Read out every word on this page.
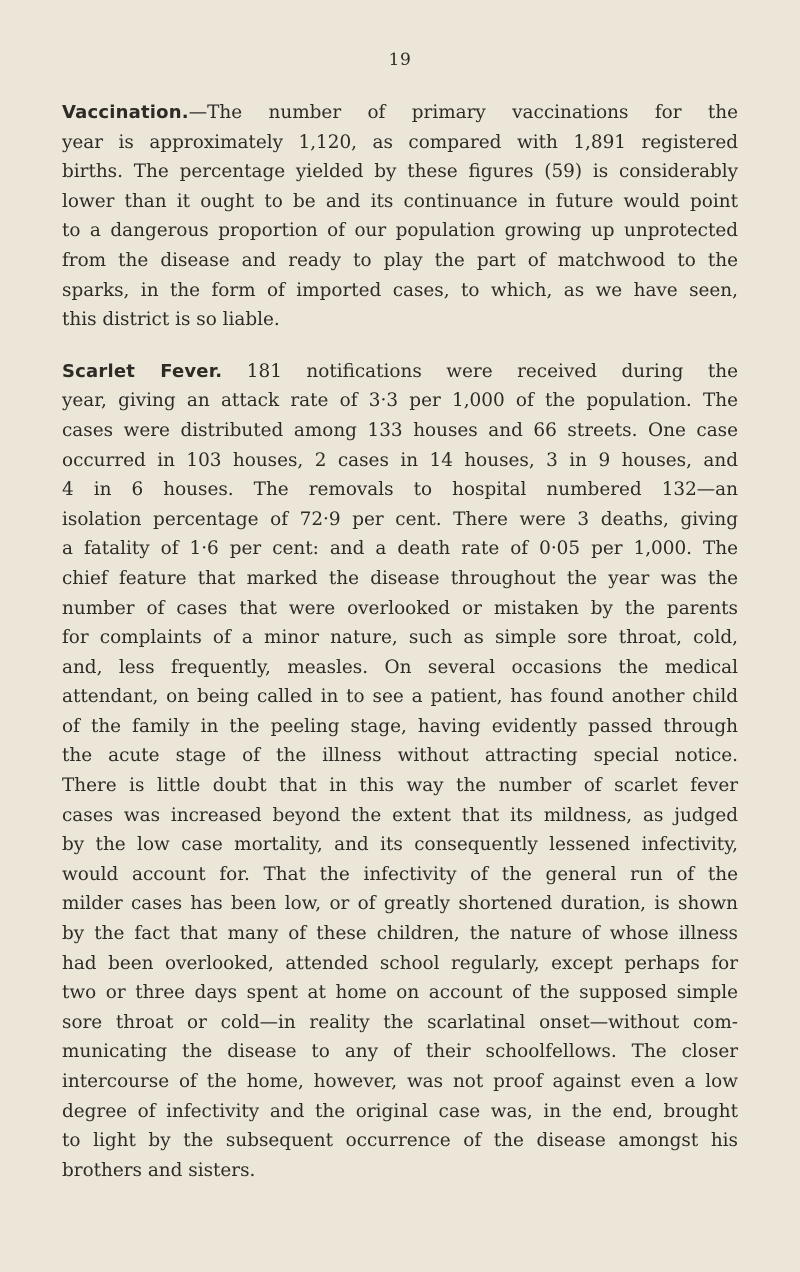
19

Vaccination.—The number of primary vaccinations for the
year is approximately 1,120, as compared with 1,891 registered
births. The percentage yielded by these figures (59) is considerably
lower than it ought to be and its continuance in future would point
to a dangerous proportion of our population growing up unprotected
from the disease and ready to play the part of matchwood to the
sparks, in the form of imported cases, to which, as we have seen,
this district is so liable.

Scarlet Fever. 181 notifications were received during the
year, giving an attack rate of 3·3 per 1,000 of the population. The
cases were distributed among 133 houses and 66 streets. One case
occurred in 103 houses, 2 cases in 14 houses, 3 in 9 houses, and
4 in 6 houses. The removals to hospital numbered 132—an
isolation percentage of 72·9 per cent. There were 3 deaths, giving
a fatality of 1·6 per cent: and a death rate of 0·05 per 1,000. The
chief feature that marked the disease throughout the year was the
number of cases that were overlooked or mistaken by the parents
for complaints of a minor nature, such as simple sore throat, cold,
and, less frequently, measles. On several occasions the medical
attendant, on being called in to see a patient, has found another child
of the family in the peeling stage, having evidently passed through
the acute stage of the illness without attracting special notice.
There is little doubt that in this way the number of scarlet fever
cases was increased beyond the extent that its mildness, as judged
by the low case mortality, and its consequently lessened infectivity,
would account for. That the infectivity of the general run of the
milder cases has been low, or of greatly shortened duration, is shown
by the fact that many of these children, the nature of whose illness
had been overlooked, attended school regularly, except perhaps for
two or three days spent at home on account of the supposed simple
sore throat or cold—in reality the scarlatinal onset—without com-
municating the disease to any of their schoolfellows. The closer
intercourse of the home, however, was not proof against even a low
degree of infectivity and the original case was, in the end, brought
to light by the subsequent occurrence of the disease amongst his
brothers and sisters.
